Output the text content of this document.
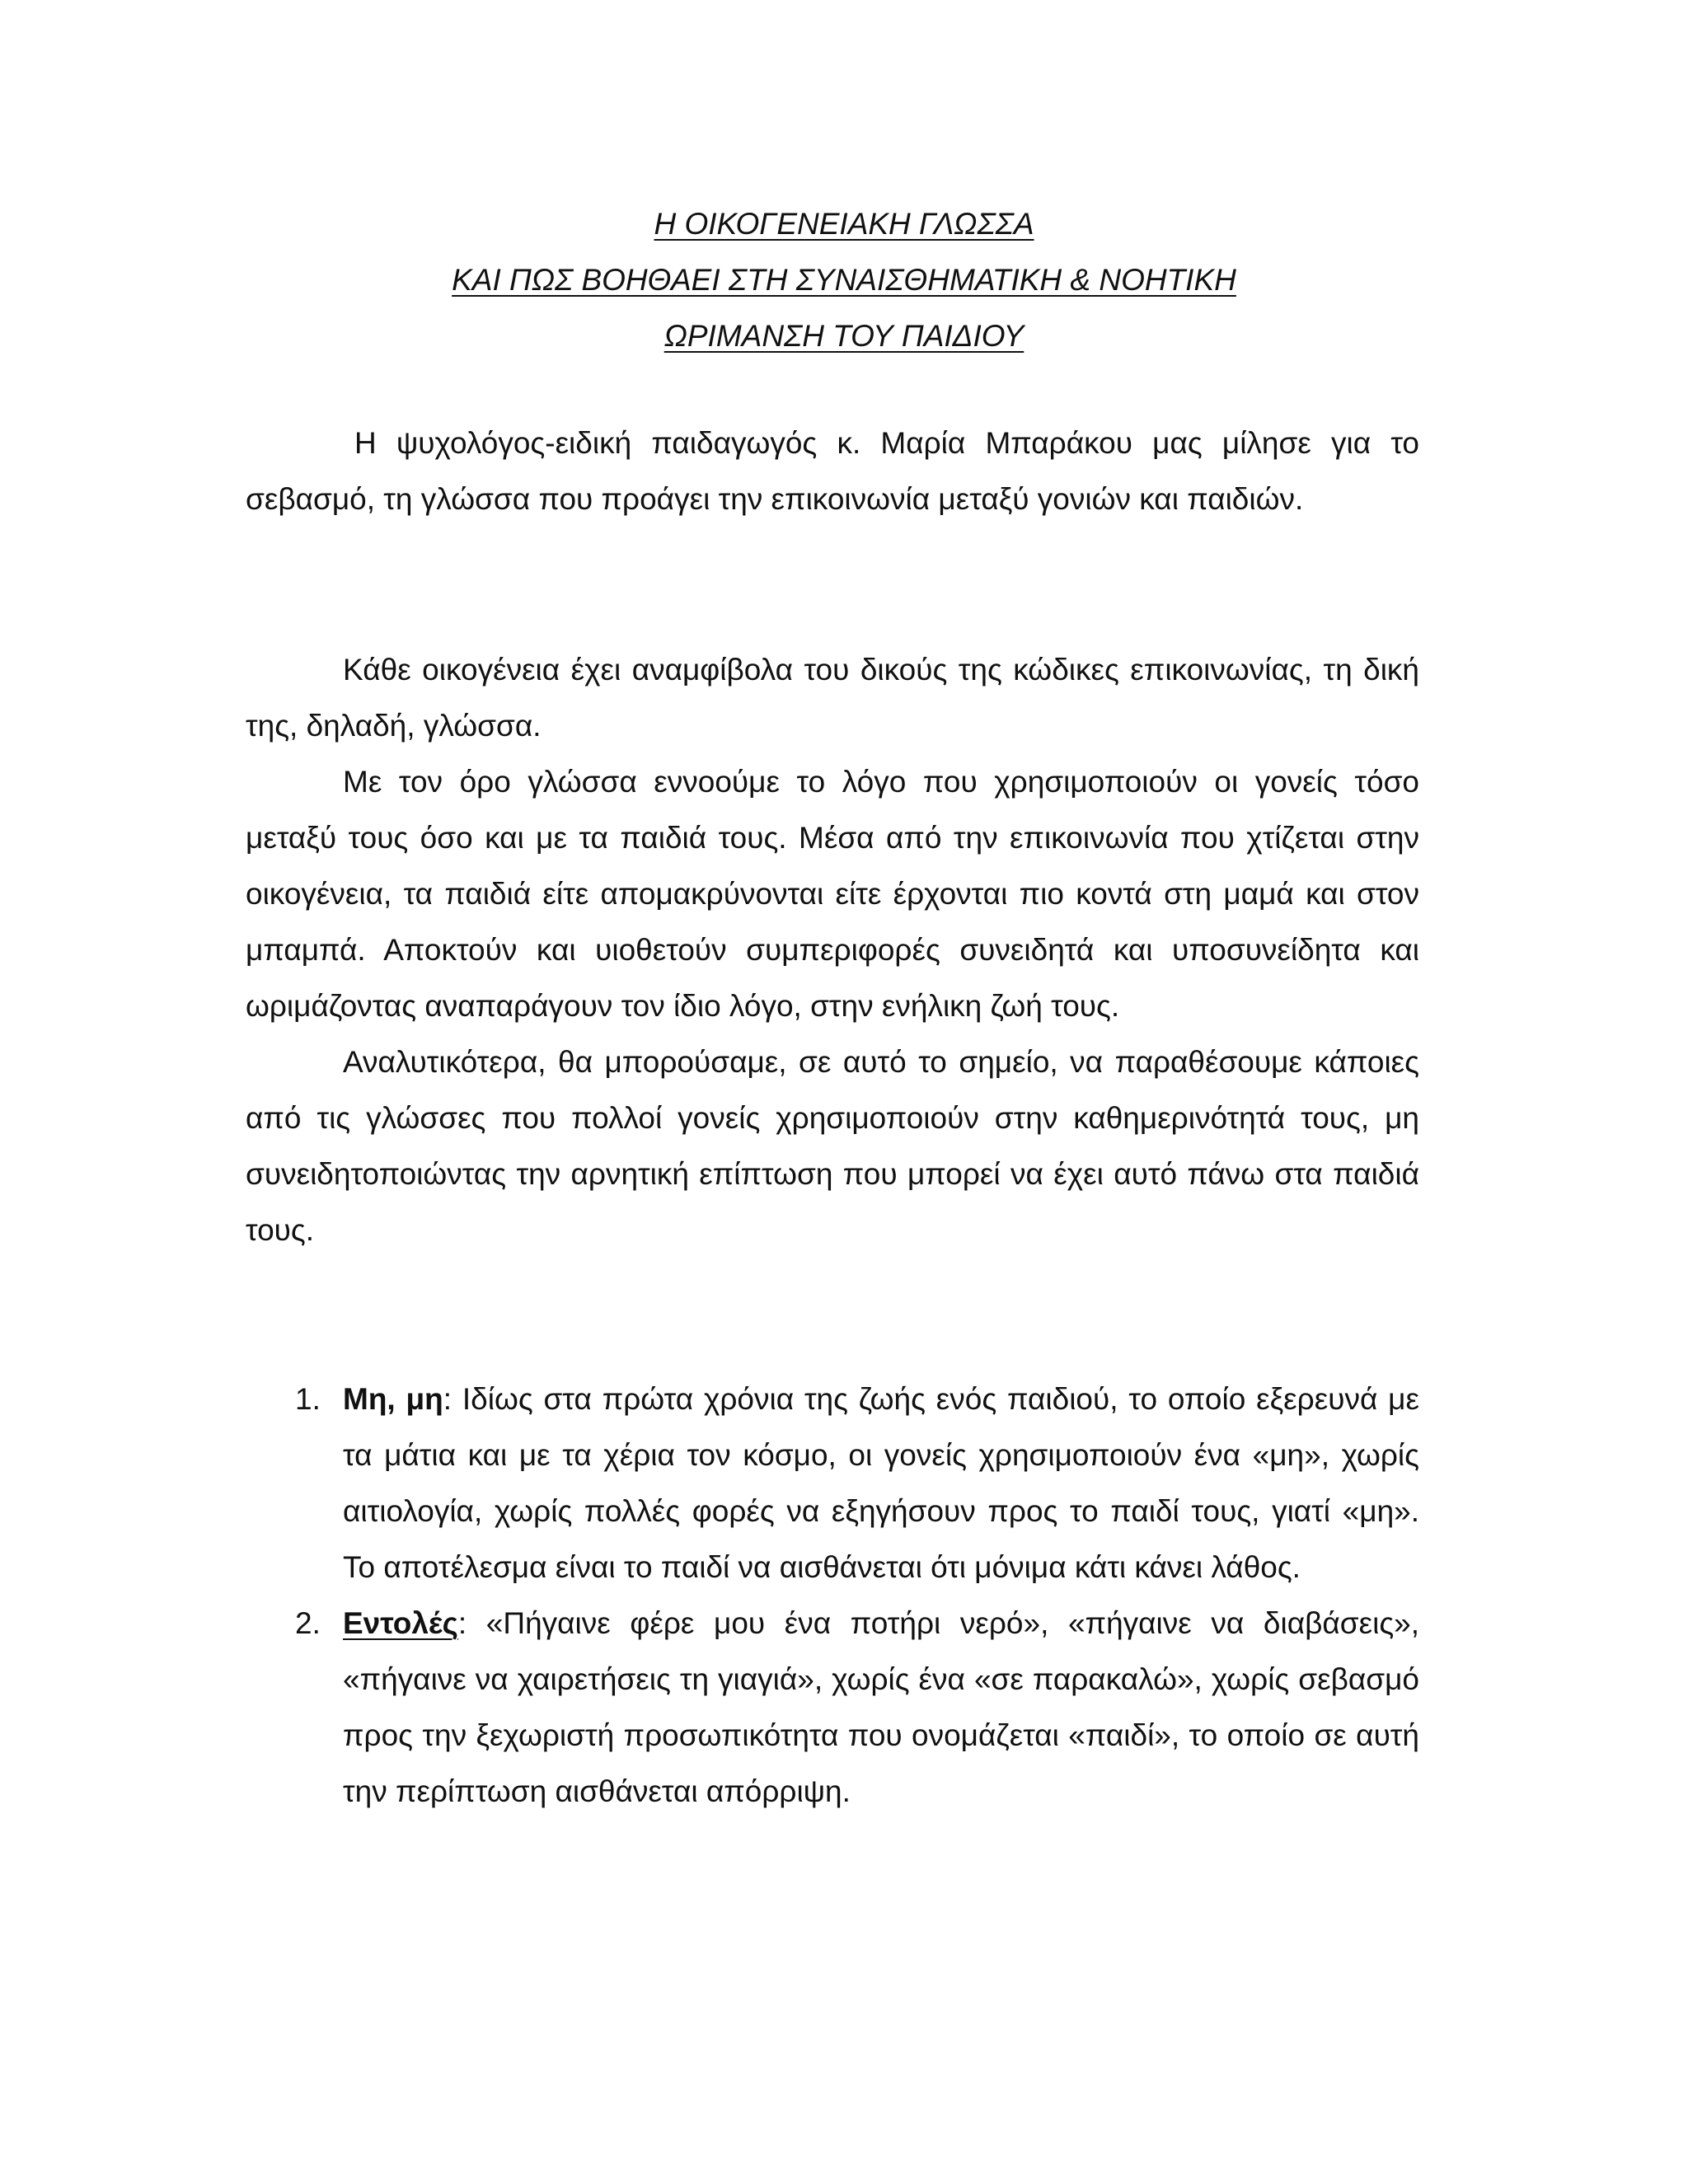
Η ΟΙΚΟΓΕΝΕΙΑΚΗ ΓΛΩΣΣΑ
ΚΑΙ ΠΩΣ ΒΟΗΘΑΕΙ ΣΤΗ ΣΥΝΑΙΣΘΗΜΑΤΙΚΗ & ΝΟΗΤΙΚΗ
ΩΡΙΜΑΝΣΗ ΤΟΥ ΠΑΙΔΙΟΥ

Η ψυχολόγος-ειδική παιδαγωγός κ. Μαρία Μπαράκου μας μίλησε για το σεβασμό, τη γλώσσα που προάγει την επικοινωνία μεταξύ γονιών και παιδιών.

Κάθε οικογένεια έχει αναμφίβολα του δικούς της κώδικες επικοινωνίας, τη δική της, δηλαδή, γλώσσα.

Με τον όρο γλώσσα εννοούμε το λόγο που χρησιμοποιούν οι γονείς τόσο μεταξύ τους όσο και με τα παιδιά τους. Μέσα από την επικοινωνία που χτίζεται στην οικογένεια, τα παιδιά είτε απομακρύνονται είτε έρχονται πιο κοντά στη μαμά και στον μπαμπά. Αποκτούν και υιοθετούν συμπεριφορές συνειδητά και υποσυνείδητα και ωριμάζοντας αναπαράγουν τον ίδιο λόγο, στην ενήλικη ζωή τους.

Αναλυτικότερα, θα μπορούσαμε, σε αυτό το σημείο, να παραθέσουμε κάποιες από τις γλώσσες που πολλοί γονείς χρησιμοποιούν στην καθημερινότητά τους, μη συνειδητοποιώντας την αρνητική επίπτωση που μπορεί να έχει αυτό πάνω στα παιδιά τους.

1. Μη, μη: Ιδίως στα πρώτα χρόνια της ζωής ενός παιδιού, το οποίο εξερευνά με τα μάτια και με τα χέρια τον κόσμο, οι γονείς χρησιμοποιούν ένα «μη», χωρίς αιτιολογία, χωρίς πολλές φορές να εξηγήσουν προς το παιδί τους, γιατί «μη». Το αποτέλεσμα είναι το παιδί να αισθάνεται ότι μόνιμα κάτι κάνει λάθος.
2. Εντολές: «Πήγαινε φέρε μου ένα ποτήρι νερό», «πήγαινε να διαβάσεις», «πήγαινε να χαιρετήσεις τη γιαγιά», χωρίς ένα «σε παρακαλώ», χωρίς σεβασμό προς την ξεχωριστή προσωπικότητα που ονομάζεται «παιδί», το οποίο σε αυτή την περίπτωση αισθάνεται απόρριψη.
